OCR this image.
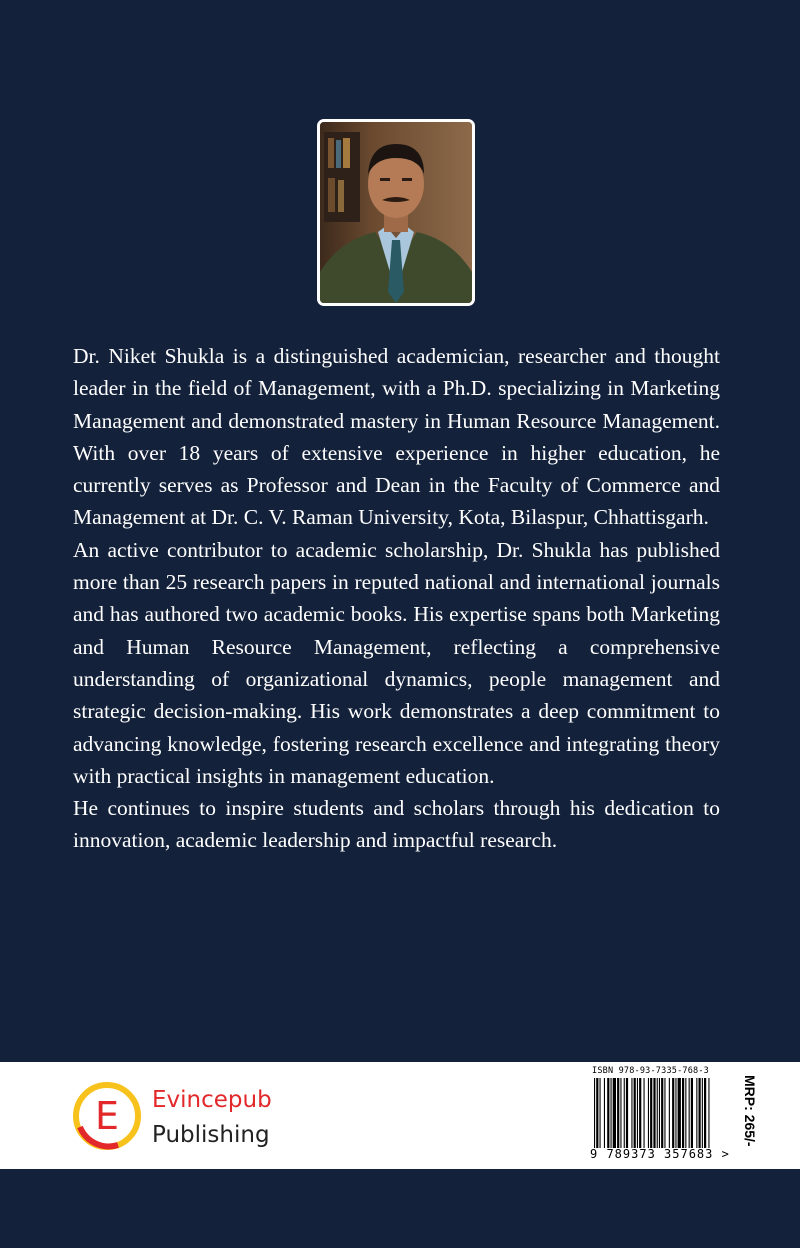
Dr. Niket Shukla is a distinguished academician, researcher and thought leader in the field of Management, with a Ph.D. specializing in Marketing Management and demonstrated mastery in Human Resource Management. With over 18 years of extensive experience in higher education, he currently serves as Professor and Dean in the Faculty of Commerce and Management at Dr. C. V. Raman University, Kota, Bilaspur, Chhattisgarh.

An active contributor to academic scholarship, Dr. Shukla has published more than 25 research papers in reputed national and international journals and has authored two academic books. His expertise spans both Marketing and Human Resource Management, reflecting a comprehensive understanding of organizational dynamics, people management and strategic decision-making. His work demonstrates a deep commitment to advancing knowledge, fostering research excellence and integrating theory with practical insights in management education.

He continues to inspire students and scholars through his dedication to innovation, academic leadership and impactful research.

E Evincepub
Publishing
ISBN 978-93-7335-768-3
9 789373 357683 >
MRP: 265/-
